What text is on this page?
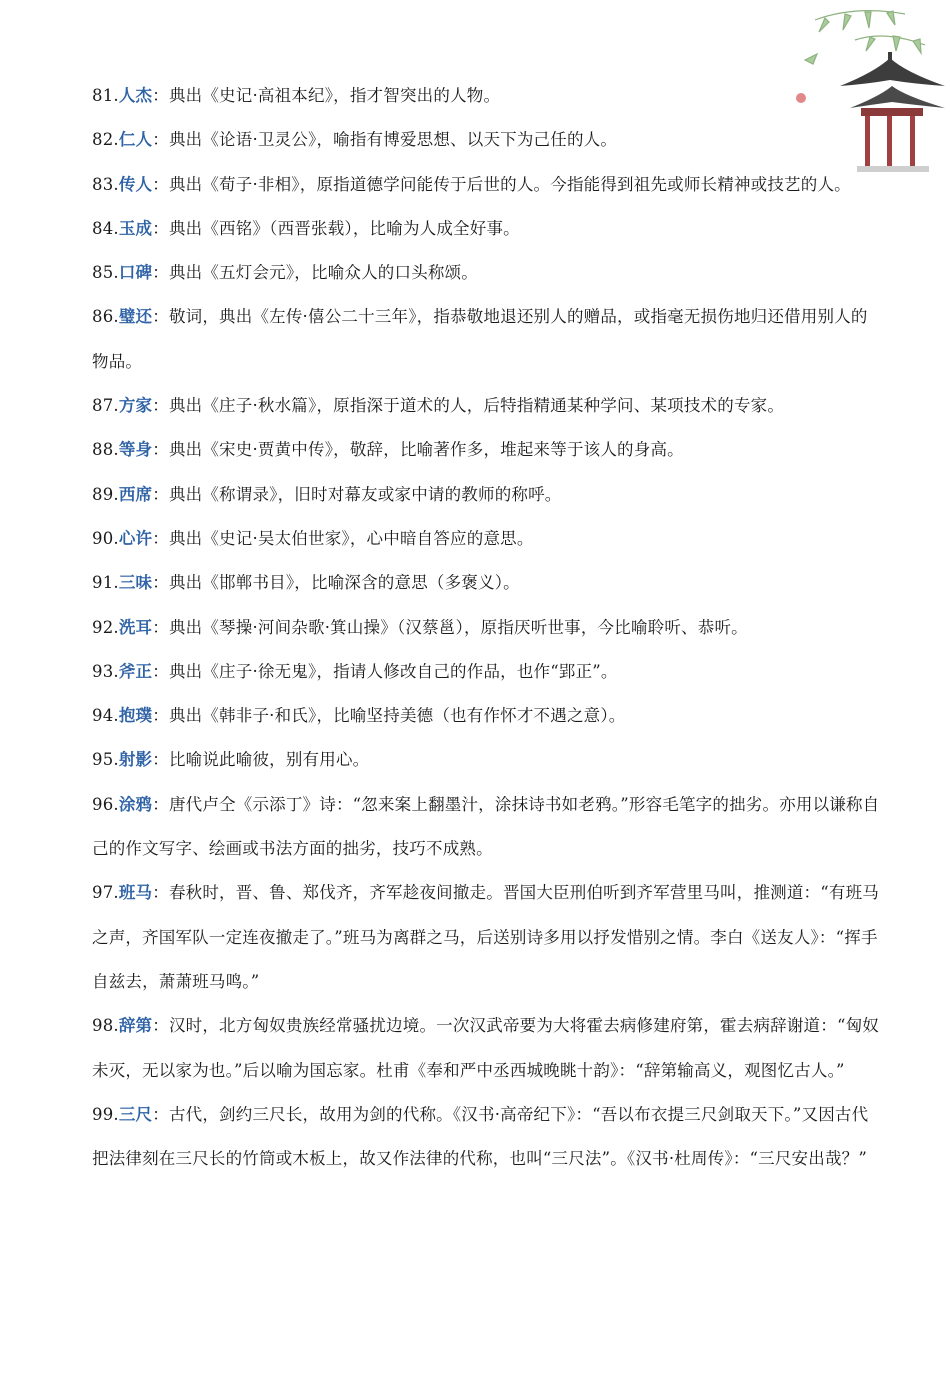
81.人杰：典出《史记·高祖本纪》，指才智突出的人物。
82.仁人：典出《论语·卫灵公》，喻指有博爱思想、以天下为己任的人。
83.传人：典出《荀子·非相》，原指道德学问能传于后世的人。今指能得到祖先或师长精神或技艺的人。
84.玉成：典出《西铭》（西晋张载），比喻为人成全好事。
85.口碑：典出《五灯会元》，比喻众人的口头称颂。
86.璧还：敬词，典出《左传·僖公二十三年》，指恭敬地退还别人的赠品，或指毫无损伤地归还借用别人的物品。
87.方家：典出《庄子·秋水篇》，原指深于道术的人，后特指精通某种学问、某项技术的专家。
88.等身：典出《宋史·贾黄中传》，敬辞，比喻著作多，堆起来等于该人的身高。
89.西席：典出《称谓录》，旧时对幕友或家中请的教师的称呼。
90.心许：典出《史记·吴太伯世家》，心中暗自答应的意思。
91.三味：典出《邯郸书目》，比喻深含的意思（多褒义）。
92.洗耳：典出《琴操·河间杂歌·箕山操》（汉蔡邕），原指厌听世事，今比喻聆听、恭听。
93.斧正：典出《庄子·徐无鬼》，指请人修改自己的作品，也作“郢正”。
94.抱璞：典出《韩非子·和氏》，比喻坚持美德（也有作怀才不遇之意）。
95.射影：比喻说此喻彼，别有用心。
96.涂鸦：唐代卢仝《示添丁》诗：“忽来案上翻墨汁，涂抹诗书如老鸦。”形容毛笔字的拙劣。亦用以谦称自己的作文写字、绘画或书法方面的拙劣，技巧不成熟。
97.班马：春秋时，晋、鲁、郑伐齐，齐军趁夜间撤走。晋国大臣刑伯听到齐军营里马叫，推测道：“有班马之声，齐国军队一定连夜撤走了。”班马为离群之马，后送别诗多用以抒发惜别之情。李白《送友人》：“挥手自兹去，萧萧班马鸣。”
98.辞第：汉时，北方匈奴贵族经常骚扰边境。一次汉武帝要为大将霍去病修建府第，霍去病辞谢道：“匈奴未灭，无以家为也。”后以喻为国忘家。杜甫《奉和严中丞西城晚眺十韵》：“辞第输高义，观图忆古人。”
99.三尺：古代，剑约三尺长，故用为剑的代称。《汉书·高帝纪下》：“吾以布衣提三尺剑取天下。”又因古代把法律刻在三尺长的竹筒或木板上，故又作法律的代称，也叫“三尺法”。《汉书·杜周传》：“三尺安出哉？”
